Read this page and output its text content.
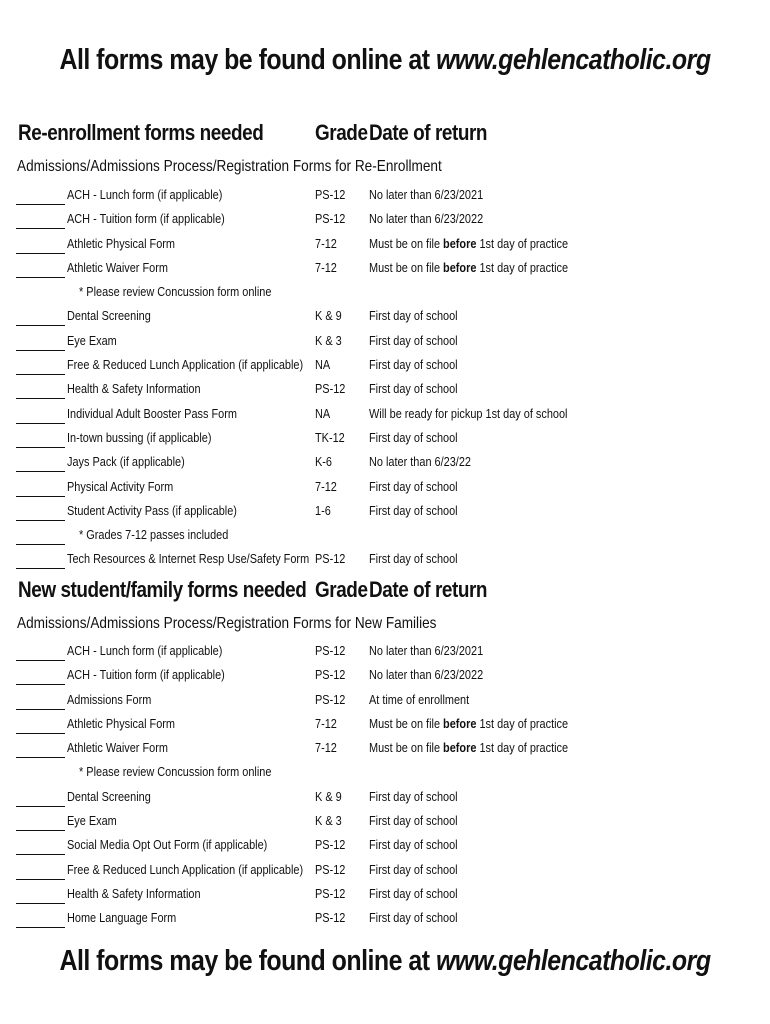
All forms may be found online at www.gehlencatholic.org
Re-enrollment forms needed Grade Date of return
Admissions/Admissions Process/Registration Forms for Re-Enrollment
ACH - Lunch form (if applicable)	PS-12 No later than 6/23/2021
ACH - Tuition form (if applicable)	PS-12 No later than 6/23/2022
Athletic Physical Form	7-12 Must be on file before 1st day of practice
Athletic Waiver Form	7-12 Must be on file before 1st day of practice
* Please review Concussion form online
Dental Screening	K & 9 First day of school
Eye Exam	K & 3 First day of school
Free & Reduced Lunch Application (if applicable) NA	First day of school
Health & Safety Information	PS-12 First day of school
Individual Adult Booster Pass Form	NA	Will be ready for pickup 1st day of school
In-town bussing (if applicable)	TK-12 First day of school
Jays Pack (if applicable)	K-6	No later than 6/23/22
Physical Activity Form	7-12 First day of school
Student Activity Pass (if applicable)	1-6	First day of school
* Grades 7-12 passes included
Tech Resources & Internet Resp Use/Safety Form PS-12 First day of school
New student/family forms needed Grade Date of return
Admissions/Admissions Process/Registration Forms for New Families
ACH - Lunch form (if applicable)	PS-12 No later than 6/23/2021
ACH - Tuition form (if applicable)	PS-12 No later than 6/23/2022
Admissions Form	PS-12 At time of enrollment
Athletic Physical Form	7-12 Must be on file before 1st day of practice
Athletic Waiver Form	7-12 Must be on file before 1st day of practice
* Please review Concussion form online
Dental Screening	K & 9 First day of school
Eye Exam	K & 3 First day of school
Social Media Opt Out Form (if applicable)	PS-12 First day of school
Free & Reduced Lunch Application (if applicable) PS-12 First day of school
Health & Safety Information	PS-12 First day of school
Home Language Form	PS-12 First day of school
All forms may be found online at www.gehlencatholic.org
